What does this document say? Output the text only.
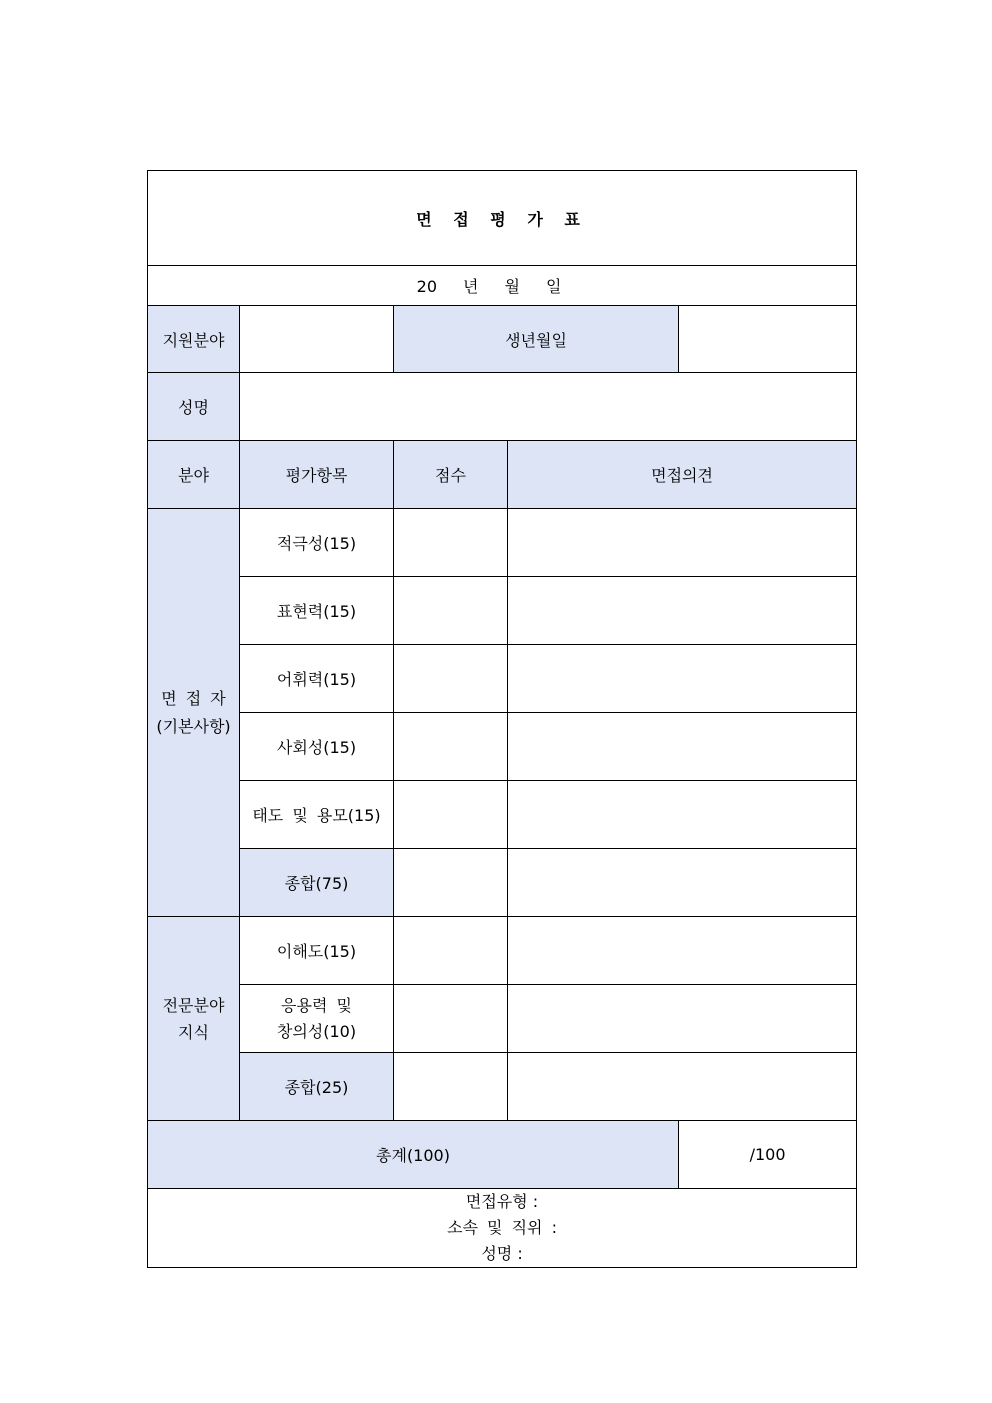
면 접 평 가 표				
20 년 월 일				
지원분야		생년월일		
성명				
분야	평가항목	점수	면접의견	

면 접 자
(기본사항)	적극성(15)			
	표현력(15)			
	어휘력(15)			
	사회성(15)			
	태도 및 용모(15)			
	종합(75)			

전문분야
지식	이해도(15)			

	응용력 및
창의성(10)			

	종합(25)			
총계(100)				/100

면접유형 :
소속 및 직위 :
성명 :				
